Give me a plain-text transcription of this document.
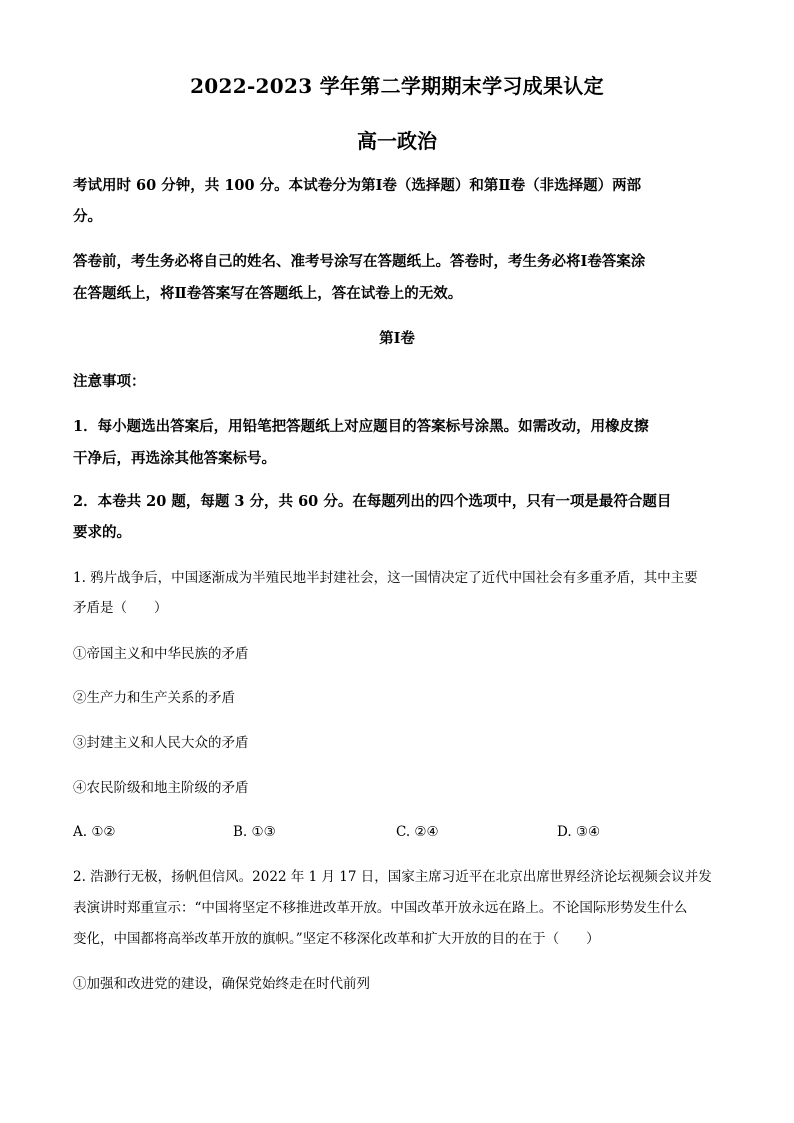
2022-2023 学年第二学期期末学习成果认定
高一政治
考试用时 60 分钟，共 100 分。本试卷分为第Ⅰ卷（选择题）和第Ⅱ卷（非选择题）两部
分。
答卷前，考生务必将自己的姓名、准考号涂写在答题纸上。答卷时，考生务必将Ⅰ卷答案涂
在答题纸上，将Ⅱ卷答案写在答题纸上，答在试卷上的无效。
第Ⅰ卷
注意事项：
1．每小题选出答案后，用铅笔把答题纸上对应题目的答案标号涂黑。如需改动，用橡皮擦
干净后，再选涂其他答案标号。
2．本卷共 20 题，每题 3 分，共 60 分。在每题列出的四个选项中，只有一项是最符合题目
要求的。
1. 鸦片战争后，中国逐渐成为半殖民地半封建社会，这一国情决定了近代中国社会有多重矛盾，其中主要
矛盾是（　　）
①帝国主义和中华民族的矛盾
②生产力和生产关系的矛盾
③封建主义和人民大众的矛盾
④农民阶级和地主阶级的矛盾
A. ①②	B. ①③	C. ②④	D. ③④
2. 浩渺行无极，扬帆但信风。2022 年 1 月 17 日，国家主席习近平在北京出席世界经济论坛视频会议并发
表演讲时郑重宣示：“中国将坚定不移推进改革开放。中国改革开放永远在路上。不论国际形势发生什么
变化，中国都将高举改革开放的旗帜。”坚定不移深化改革和扩大开放的目的在于（　　）
①加强和改进党的建设，确保党始终走在时代前列
